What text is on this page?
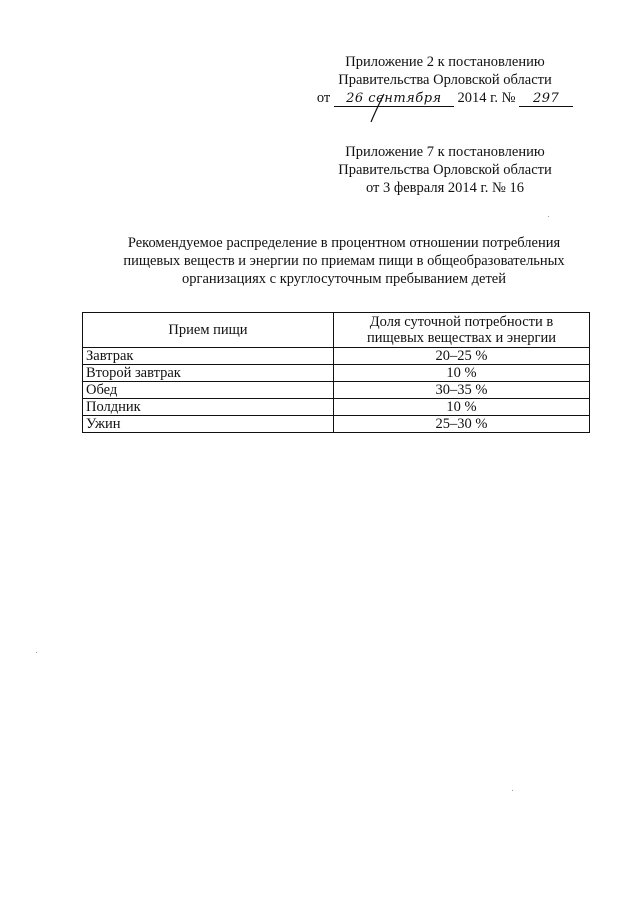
Приложение 2 к постановлению
Правительства Орловской области
от 26 сентября 2014 г. № 297
Приложение 7 к постановлению
Правительства Орловской области
от 3 февраля 2014 г. № 16
Рекомендуемое распределение в процентном отношении потребления
пищевых веществ и энергии по приемам пищи в общеобразовательных
организациях с круглосуточным пребыванием детей
Прием пищи	Доля суточной потребности в
пищевых веществах и энергии

Завтрак	20–25 %
Второй завтрак	10 %
Обед	30–35 %
Полдник	10 %
Ужин	25–30 %
